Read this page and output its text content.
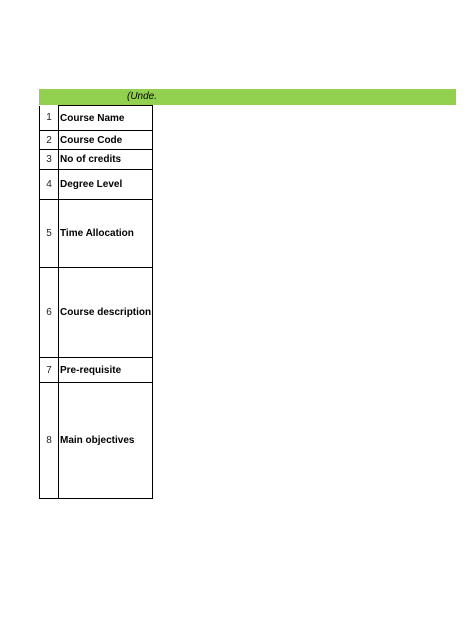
(Unde.
1	Course Name
2	Course Code
3	No of credits
4	Degree Level
5	Time Allocation
6	Course description
7	Pre-requisite
8	Main objectives
